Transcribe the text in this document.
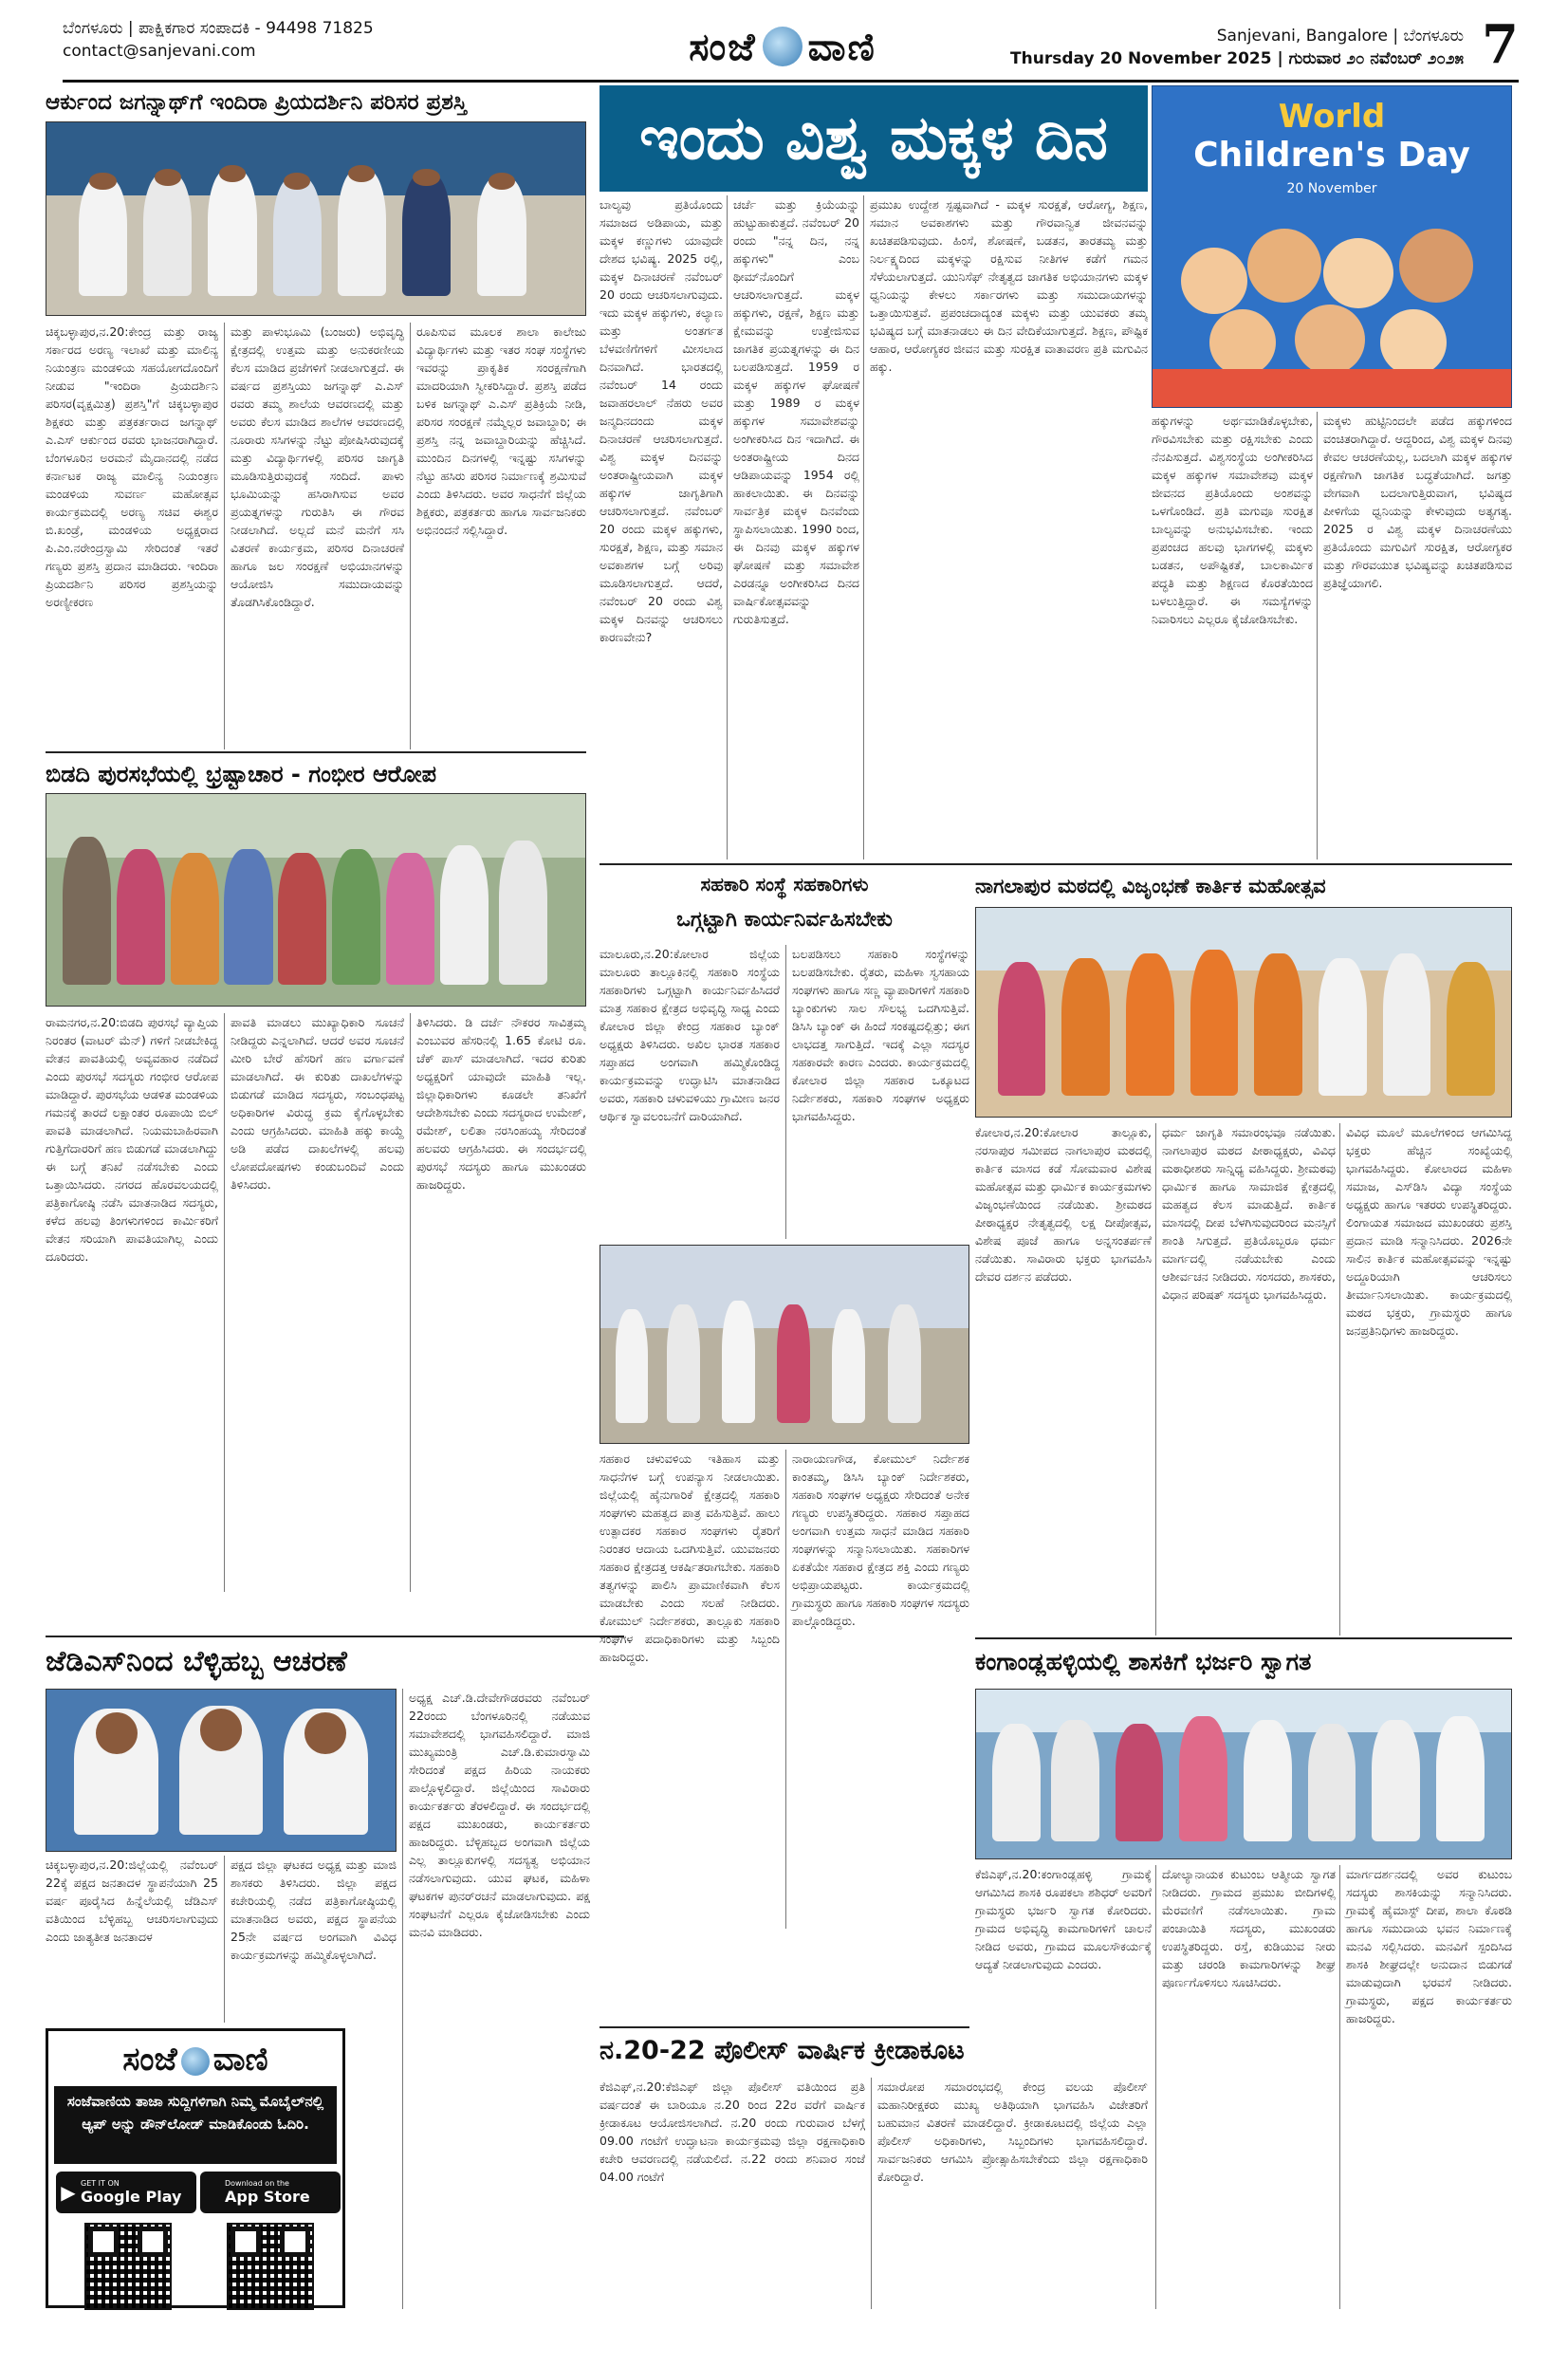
ಬೆಂಗಳೂರು | ಪಾಕ್ಷಿಕಗಾರ ಸಂಪಾದಕಿ - 94498 71825
contact@sanjevani.com	ಸಂಜೆ ವಾಣಿ	Sanjevani, Bangalore | ಬೆಂಗಳೂರು
Thursday 20 November 2025 | ಗುರುವಾರ ೨೦ ನವೆಂಬರ್ ೨೦೨೫ 7
ಆರ್ಕುಂದ ಜಗನ್ನಾಥ್‌ಗೆ ಇಂದಿರಾ ಪ್ರಿಯದರ್ಶಿನಿ ಪರಿಸರ ಪ್ರಶಸ್ತಿ
ಚಿಕ್ಕಬಳ್ಳಾಪುರ,ನ.20:ಕೇಂದ್ರ ಮತ್ತು ರಾಜ್ಯ ಸರ್ಕಾರದ ಅರಣ್ಯ ಇಲಾಖೆ ಮತ್ತು ಮಾಲಿನ್ಯ ನಿಯಂತ್ರಣ ಮಂಡಳಿಯ ಸಹಯೋಗದೊಂದಿಗೆ ನೀಡುವ "ಇಂದಿರಾ ಪ್ರಿಯದರ್ಶಿನಿ ಪರಿಸರ(ವೃಕ್ಷಮಿತ್ರ) ಪ್ರಶಸ್ತಿ"ಗೆ ಚಿಕ್ಕಬಳ್ಳಾಪುರ ಶಿಕ್ಷಕರು ಮತ್ತು ಪತ್ರಕರ್ತರಾದ ಜಗನ್ನಾಥ್ ಎ.ಎಸ್ ಆರ್ಕುಂದ ರವರು ಭಾಜನರಾಗಿದ್ದಾರೆ. ಬೆಂಗಳೂರಿನ ಅರಮನೆ ಮೈದಾನದಲ್ಲಿ ನಡೆದ ಕರ್ನಾಟಕ ರಾಜ್ಯ ಮಾಲಿನ್ಯ ನಿಯಂತ್ರಣ ಮಂಡಳಿಯ ಸುವರ್ಣ ಮಹೋತ್ಸವ ಕಾರ್ಯಕ್ರಮದಲ್ಲಿ ಅರಣ್ಯ ಸಚಿವ ಈಶ್ವರ ಬಿ.ಖಂಡ್ರೆ, ಮಂಡಳಿಯ ಅಧ್ಯಕ್ಷರಾದ ಪಿ.ಎಂ.ನರೇಂದ್ರಸ್ವಾಮಿ ಸೇರಿದಂತೆ ಇತರೆ ಗಣ್ಯರು ಪ್ರಶಸ್ತಿ ಪ್ರದಾನ ಮಾಡಿದರು. ಇಂದಿರಾ ಪ್ರಿಯದರ್ಶಿನಿ ಪರಿಸರ ಪ್ರಶಸ್ತಿಯನ್ನು ಅರಣ್ಯೀಕರಣ
ಮತ್ತು ಪಾಳುಭೂಮಿ (ಬಂಜರು) ಅಭಿವೃದ್ಧಿ ಕ್ಷೇತ್ರದಲ್ಲಿ ಉತ್ತಮ ಮತ್ತು ಅನುಕರಣೀಯ ಕೆಲಸ ಮಾಡಿದ ಪ್ರಜೆಗಳಿಗೆ ನೀಡಲಾಗುತ್ತದೆ. ಈ ವರ್ಷದ ಪ್ರಶಸ್ತಿಯು ಜಗನ್ನಾಥ್ ಎ.ಎಸ್ ರವರು ತಮ್ಮ ಶಾಲೆಯ ಆವರಣದಲ್ಲಿ ಮತ್ತು ಅವರು ಕೆಲಸ ಮಾಡಿದ ಶಾಲೆಗಳ ಆವರಣದಲ್ಲಿ ನೂರಾರು ಸಸಿಗಳನ್ನು ನೆಟ್ಟು ಪೋಷಿಸಿರುವುದಕ್ಕೆ ಮತ್ತು ವಿದ್ಯಾರ್ಥಿಗಳಲ್ಲಿ ಪರಿಸರ ಜಾಗೃತಿ ಮೂಡಿಸುತ್ತಿರುವುದಕ್ಕೆ ಸಂದಿದೆ. ಪಾಳು ಭೂಮಿಯನ್ನು ಹಸಿರಾಗಿಸುವ ಅವರ ಪ್ರಯತ್ನಗಳನ್ನು ಗುರುತಿಸಿ ಈ ಗೌರವ ನೀಡಲಾಗಿದೆ. ಅಲ್ಲದೆ ಮನೆ ಮನೆಗೆ ಸಸಿ ವಿತರಣೆ ಕಾರ್ಯಕ್ರಮ, ಪರಿಸರ ದಿನಾಚರಣೆ ಹಾಗೂ ಜಲ ಸಂರಕ್ಷಣೆ ಅಭಿಯಾನಗಳನ್ನು ಆಯೋಜಿಸಿ ಸಮುದಾಯವನ್ನು ತೊಡಗಿಸಿಕೊಂಡಿದ್ದಾರೆ.
ರೂಪಿಸುವ ಮೂಲಕ ಶಾಲಾ ಕಾಲೇಜು ವಿದ್ಯಾರ್ಥಿಗಳು ಮತ್ತು ಇತರ ಸಂಘ ಸಂಸ್ಥೆಗಳು ಇವರನ್ನು ಪ್ರಾಕೃತಿಕ ಸಂರಕ್ಷಣೆಗಾಗಿ ಮಾದರಿಯಾಗಿ ಸ್ವೀಕರಿಸಿದ್ದಾರೆ. ಪ್ರಶಸ್ತಿ ಪಡೆದ ಬಳಿಕ ಜಗನ್ನಾಥ್ ಎ.ಎಸ್ ಪ್ರತಿಕ್ರಿಯೆ ನೀಡಿ, ಪರಿಸರ ಸಂರಕ್ಷಣೆ ನಮ್ಮೆಲ್ಲರ ಜವಾಬ್ದಾರಿ; ಈ ಪ್ರಶಸ್ತಿ ನನ್ನ ಜವಾಬ್ದಾರಿಯನ್ನು ಹೆಚ್ಚಿಸಿದೆ. ಮುಂದಿನ ದಿನಗಳಲ್ಲಿ ಇನ್ನಷ್ಟು ಸಸಿಗಳನ್ನು ನೆಟ್ಟು ಹಸಿರು ಪರಿಸರ ನಿರ್ಮಾಣಕ್ಕೆ ಶ್ರಮಿಸುವೆ ಎಂದು ತಿಳಿಸಿದರು. ಅವರ ಸಾಧನೆಗೆ ಜಿಲ್ಲೆಯ ಶಿಕ್ಷಕರು, ಪತ್ರಕರ್ತರು ಹಾಗೂ ಸಾರ್ವಜನಿಕರು ಅಭಿನಂದನೆ ಸಲ್ಲಿಸಿದ್ದಾರೆ.
ಬಿಡದಿ ಪುರಸಭೆಯಲ್ಲಿ ಭ್ರಷ್ಟಾಚಾರ - ಗಂಭೀರ ಆರೋಪ
ರಾಮನಗರ,ನ.20:ಬಿಡದಿ ಪುರಸಭೆ ವ್ಯಾಪ್ತಿಯ ನಿರಂತರ (ವಾಟರ್ ಮೆನ್) ಗಳಿಗೆ ನೀಡಬೇಕಿದ್ದ ವೇತನ ಪಾವತಿಯಲ್ಲಿ ಅವ್ಯವಹಾರ ನಡೆದಿದೆ ಎಂದು ಪುರಸಭೆ ಸದಸ್ಯರು ಗಂಭೀರ ಆರೋಪ ಮಾಡಿದ್ದಾರೆ. ಪುರಸಭೆಯ ಆಡಳಿತ ಮಂಡಳಿಯ ಗಮನಕ್ಕೆ ತಾರದೆ ಲಕ್ಷಾಂತರ ರೂಪಾಯಿ ಬಿಲ್ ಪಾವತಿ ಮಾಡಲಾಗಿದೆ. ನಿಯಮಬಾಹಿರವಾಗಿ ಗುತ್ತಿಗೆದಾರರಿಗೆ ಹಣ ಬಿಡುಗಡೆ ಮಾಡಲಾಗಿದ್ದು ಈ ಬಗ್ಗೆ ತನಿಖೆ ನಡೆಸಬೇಕು ಎಂದು ಒತ್ತಾಯಿಸಿದರು. ನಗರದ ಹೊರವಲಯದಲ್ಲಿ ಪತ್ರಿಕಾಗೋಷ್ಠಿ ನಡೆಸಿ ಮಾತನಾಡಿದ ಸದಸ್ಯರು, ಕಳೆದ ಹಲವು ತಿಂಗಳುಗಳಿಂದ ಕಾರ್ಮಿಕರಿಗೆ ವೇತನ ಸರಿಯಾಗಿ ಪಾವತಿಯಾಗಿಲ್ಲ ಎಂದು ದೂರಿದರು.
ಪಾವತಿ ಮಾಡಲು ಮುಖ್ಯಾಧಿಕಾರಿ ಸೂಚನೆ ನೀಡಿದ್ದರು ಎನ್ನಲಾಗಿದೆ. ಆದರೆ ಅವರ ಸೂಚನೆ ಮೀರಿ ಬೇರೆ ಹೆಸರಿಗೆ ಹಣ ವರ್ಗಾವಣೆ ಮಾಡಲಾಗಿದೆ. ಈ ಕುರಿತು ದಾಖಲೆಗಳನ್ನು ಬಿಡುಗಡೆ ಮಾಡಿದ ಸದಸ್ಯರು, ಸಂಬಂಧಪಟ್ಟ ಅಧಿಕಾರಿಗಳ ವಿರುದ್ಧ ಕ್ರಮ ಕೈಗೊಳ್ಳಬೇಕು ಎಂದು ಆಗ್ರಹಿಸಿದರು. ಮಾಹಿತಿ ಹಕ್ಕು ಕಾಯ್ದೆ ಅಡಿ ಪಡೆದ ದಾಖಲೆಗಳಲ್ಲಿ ಹಲವು ಲೋಪದೋಷಗಳು ಕಂಡುಬಂದಿವೆ ಎಂದು ತಿಳಿಸಿದರು.
ತಿಳಿಸಿದರು. ಡಿ ದರ್ಜೆ ನೌಕರರ ಸಾವಿತ್ರಮ್ಮ ಎಂಬುವರ ಹೆಸರಿನಲ್ಲಿ 1.65 ಕೋಟಿ ರೂ. ಚೆಕ್ ಪಾಸ್ ಮಾಡಲಾಗಿದೆ. ಇದರ ಕುರಿತು ಅಧ್ಯಕ್ಷರಿಗೆ ಯಾವುದೇ ಮಾಹಿತಿ ಇಲ್ಲ. ಜಿಲ್ಲಾಧಿಕಾರಿಗಳು ಕೂಡಲೇ ತನಿಖೆಗೆ ಆದೇಶಿಸಬೇಕು ಎಂದು ಸದಸ್ಯರಾದ ಉಮೇಶ್, ರಮೇಶ್, ಲಲಿತಾ ನರಸಿಂಹಯ್ಯ ಸೇರಿದಂತೆ ಹಲವರು ಆಗ್ರಹಿಸಿದರು. ಈ ಸಂದರ್ಭದಲ್ಲಿ ಪುರಸಭೆ ಸದಸ್ಯರು ಹಾಗೂ ಮುಖಂಡರು ಹಾಜರಿದ್ದರು.
ಇಂದು ವಿಶ್ವ ಮಕ್ಕಳ ದಿನ	World
Children's Day
20 November
ಬಾಲ್ಯವು ಪ್ರತಿಯೊಂದು ಸಮಾಜದ ಅಡಿಪಾಯ, ಮತ್ತು ಮಕ್ಕಳ ಕಣ್ಣುಗಳು ಯಾವುದೇ ದೇಶದ ಭವಿಷ್ಯ. 2025 ರಲ್ಲಿ, ಮಕ್ಕಳ ದಿನಾಚರಣೆ ನವೆಂಬರ್ 20 ರಂದು ಆಚರಿಸಲಾಗುವುದು. ಇದು ಮಕ್ಕಳ ಹಕ್ಕುಗಳು, ಕಲ್ಯಾಣ ಮತ್ತು ಅಂತರ್ಗತ ಬೆಳವಣಿಗೆಗಳಿಗೆ ಮೀಸಲಾದ ದಿನವಾಗಿದೆ. ಭಾರತದಲ್ಲಿ ನವೆಂಬರ್ 14 ರಂದು ಜವಾಹರಲಾಲ್ ನೆಹರು ಅವರ ಜನ್ಮದಿನದಂದು ಮಕ್ಕಳ ದಿನಾಚರಣೆ ಆಚರಿಸಲಾಗುತ್ತದೆ. ವಿಶ್ವ ಮಕ್ಕಳ ದಿನವನ್ನು ಅಂತರಾಷ್ಟ್ರೀಯವಾಗಿ ಮಕ್ಕಳ ಹಕ್ಕುಗಳ ಜಾಗೃತಿಗಾಗಿ ಆಚರಿಸಲಾಗುತ್ತದೆ. ನವೆಂಬರ್ 20 ರಂದು ಮಕ್ಕಳ ಹಕ್ಕುಗಳು, ಸುರಕ್ಷತೆ, ಶಿಕ್ಷಣ, ಮತ್ತು ಸಮಾನ ಅವಕಾಶಗಳ ಬಗ್ಗೆ ಅರಿವು ಮೂಡಿಸಲಾಗುತ್ತದೆ. ಆದರೆ, ನವೆಂಬರ್ 20 ರಂದು ವಿಶ್ವ ಮಕ್ಕಳ ದಿನವನ್ನು ಆಚರಿಸಲು ಕಾರಣವೇನು?
ಚರ್ಚೆ ಮತ್ತು ಕ್ರಿಯೆಯನ್ನು ಹುಟ್ಟುಹಾಕುತ್ತದೆ. ನವೆಂಬರ್ 20 ರಂದು "ನನ್ನ ದಿನ, ನನ್ನ ಹಕ್ಕುಗಳು" ಎಂಬ ಥೀಮ್‌ನೊಂದಿಗೆ ಆಚರಿಸಲಾಗುತ್ತದೆ. ಮಕ್ಕಳ ಹಕ್ಕುಗಳು, ರಕ್ಷಣೆ, ಶಿಕ್ಷಣ ಮತ್ತು ಕ್ಷೇಮವನ್ನು ಉತ್ತೇಜಿಸುವ ಜಾಗತಿಕ ಪ್ರಯತ್ನಗಳನ್ನು ಈ ದಿನ ಬಲಪಡಿಸುತ್ತದೆ. 1959 ರ ಮಕ್ಕಳ ಹಕ್ಕುಗಳ ಘೋಷಣೆ ಮತ್ತು 1989 ರ ಮಕ್ಕಳ ಹಕ್ಕುಗಳ ಸಮಾವೇಶವನ್ನು ಅಂಗೀಕರಿಸಿದ ದಿನ ಇದಾಗಿದೆ. ಈ ಅಂತರಾಷ್ಟ್ರೀಯ ದಿನದ ಆಡಿಪಾಯವನ್ನು 1954 ರಲ್ಲಿ ಹಾಕಲಾಯಿತು. ಈ ದಿನವನ್ನು ಸಾರ್ವತ್ರಿಕ ಮಕ್ಕಳ ದಿನವೆಂದು ಸ್ಥಾಪಿಸಲಾಯಿತು. 1990 ರಿಂದ, ಈ ದಿನವು ಮಕ್ಕಳ ಹಕ್ಕುಗಳ ಘೋಷಣೆ ಮತ್ತು ಸಮಾವೇಶ ಎರಡನ್ನೂ ಅಂಗೀಕರಿಸಿದ ದಿನದ ವಾರ್ಷಿಕೋತ್ಸವವನ್ನು ಗುರುತಿಸುತ್ತದೆ.
ಪ್ರಮುಖ ಉದ್ದೇಶ ಸ್ಪಷ್ಟವಾಗಿದೆ - ಮಕ್ಕಳ ಸುರಕ್ಷತೆ, ಆರೋಗ್ಯ, ಶಿಕ್ಷಣ, ಸಮಾನ ಅವಕಾಶಗಳು ಮತ್ತು ಗೌರವಾನ್ವಿತ ಜೀವನವನ್ನು ಖಚಿತಪಡಿಸುವುದು. ಹಿಂಸೆ, ಶೋಷಣೆ, ಬಡತನ, ತಾರತಮ್ಯ ಮತ್ತು ನಿರ್ಲಕ್ಷ್ಯದಿಂದ ಮಕ್ಕಳನ್ನು ರಕ್ಷಿಸುವ ನೀತಿಗಳ ಕಡೆಗೆ ಗಮನ ಸೆಳೆಯಲಾಗುತ್ತದೆ. ಯುನಿಸೆಫ್ ನೇತೃತ್ವದ ಜಾಗತಿಕ ಅಭಿಯಾನಗಳು ಮಕ್ಕಳ ಧ್ವನಿಯನ್ನು ಕೇಳಲು ಸರ್ಕಾರಗಳು ಮತ್ತು ಸಮುದಾಯಗಳನ್ನು ಒತ್ತಾಯಿಸುತ್ತವೆ. ಪ್ರಪಂಚದಾದ್ಯಂತ ಮಕ್ಕಳು ಮತ್ತು ಯುವಕರು ತಮ್ಮ ಭವಿಷ್ಯದ ಬಗ್ಗೆ ಮಾತನಾಡಲು ಈ ದಿನ ವೇದಿಕೆಯಾಗುತ್ತದೆ. ಶಿಕ್ಷಣ, ಪೌಷ್ಟಿಕ ಆಹಾರ, ಆರೋಗ್ಯಕರ ಜೀವನ ಮತ್ತು ಸುರಕ್ಷಿತ ವಾತಾವರಣ ಪ್ರತಿ ಮಗುವಿನ ಹಕ್ಕು.
ಹಕ್ಕುಗಳನ್ನು ಅರ್ಥಮಾಡಿಕೊಳ್ಳಬೇಕು, ಗೌರವಿಸಬೇಕು ಮತ್ತು ರಕ್ಷಿಸಬೇಕು ಎಂದು ನೆನಪಿಸುತ್ತದೆ. ವಿಶ್ವಸಂಸ್ಥೆಯ ಅಂಗೀಕರಿಸಿದ ಮಕ್ಕಳ ಹಕ್ಕುಗಳ ಸಮಾವೇಶವು ಮಕ್ಕಳ ಜೀವನದ ಪ್ರತಿಯೊಂದು ಅಂಶವನ್ನು ಒಳಗೊಂಡಿದೆ. ಪ್ರತಿ ಮಗುವೂ ಸುರಕ್ಷಿತ ಬಾಲ್ಯವನ್ನು ಅನುಭವಿಸಬೇಕು. ಇಂದು ಪ್ರಪಂಚದ ಹಲವು ಭಾಗಗಳಲ್ಲಿ ಮಕ್ಕಳು ಬಡತನ, ಅಪೌಷ್ಟಿಕತೆ, ಬಾಲಕಾರ್ಮಿಕ ಪದ್ಧತಿ ಮತ್ತು ಶಿಕ್ಷಣದ ಕೊರತೆಯಿಂದ ಬಳಲುತ್ತಿದ್ದಾರೆ. ಈ ಸಮಸ್ಯೆಗಳನ್ನು ನಿವಾರಿಸಲು ಎಲ್ಲರೂ ಕೈಜೋಡಿಸಬೇಕು.
ಮಕ್ಕಳು ಹುಟ್ಟಿನಿಂದಲೇ ಪಡೆದ ಹಕ್ಕುಗಳಿಂದ ವಂಚಿತರಾಗಿದ್ದಾರೆ. ಆದ್ದರಿಂದ, ವಿಶ್ವ ಮಕ್ಕಳ ದಿನವು ಕೇವಲ ಆಚರಣೆಯಲ್ಲ, ಬದಲಾಗಿ ಮಕ್ಕಳ ಹಕ್ಕುಗಳ ರಕ್ಷಣೆಗಾಗಿ ಜಾಗತಿಕ ಬದ್ಧತೆಯಾಗಿದೆ. ಜಗತ್ತು ವೇಗವಾಗಿ ಬದಲಾಗುತ್ತಿರುವಾಗ, ಭವಿಷ್ಯದ ಪೀಳಿಗೆಯ ಧ್ವನಿಯನ್ನು ಕೇಳುವುದು ಅತ್ಯಗತ್ಯ. 2025 ರ ವಿಶ್ವ ಮಕ್ಕಳ ದಿನಾಚರಣೆಯು ಪ್ರತಿಯೊಂದು ಮಗುವಿಗೆ ಸುರಕ್ಷಿತ, ಆರೋಗ್ಯಕರ ಮತ್ತು ಗೌರವಯುತ ಭವಿಷ್ಯವನ್ನು ಖಚಿತಪಡಿಸುವ ಪ್ರತಿಜ್ಞೆಯಾಗಲಿ.
ಸಹಕಾರಿ ಸಂಸ್ಥೆ ಸಹಕಾರಿಗಳು
ಒಗ್ಗಟ್ಟಾಗಿ ಕಾರ್ಯನಿರ್ವಹಿಸಬೇಕು
ಮಾಲೂರು,ನ.20:ಕೋಲಾರ ಜಿಲ್ಲೆಯ ಮಾಲೂರು ತಾಲ್ಲೂಕಿನಲ್ಲಿ ಸಹಕಾರಿ ಸಂಸ್ಥೆಯ ಸಹಕಾರಿಗಳು ಒಗ್ಗಟ್ಟಾಗಿ ಕಾರ್ಯನಿರ್ವಹಿಸಿದರೆ ಮಾತ್ರ ಸಹಕಾರ ಕ್ಷೇತ್ರದ ಅಭಿವೃದ್ಧಿ ಸಾಧ್ಯ ಎಂದು ಕೋಲಾರ ಜಿಲ್ಲಾ ಕೇಂದ್ರ ಸಹಕಾರ ಬ್ಯಾಂಕ್ ಅಧ್ಯಕ್ಷರು ತಿಳಿಸಿದರು. ಅಖಿಲ ಭಾರತ ಸಹಕಾರ ಸಪ್ತಾಹದ ಅಂಗವಾಗಿ ಹಮ್ಮಿಕೊಂಡಿದ್ದ ಕಾರ್ಯಕ್ರಮವನ್ನು ಉದ್ಘಾಟಿಸಿ ಮಾತನಾಡಿದ ಅವರು, ಸಹಕಾರಿ ಚಳುವಳಿಯು ಗ್ರಾಮೀಣ ಜನರ ಆರ್ಥಿಕ ಸ್ವಾವಲಂಬನೆಗೆ ದಾರಿಯಾಗಿದೆ.
ಬಲಪಡಿಸಲು ಸಹಕಾರಿ ಸಂಸ್ಥೆಗಳನ್ನು ಬಲಪಡಿಸಬೇಕು. ರೈತರು, ಮಹಿಳಾ ಸ್ವಸಹಾಯ ಸಂಘಗಳು ಹಾಗೂ ಸಣ್ಣ ವ್ಯಾಪಾರಿಗಳಿಗೆ ಸಹಕಾರಿ ಬ್ಯಾಂಕುಗಳು ಸಾಲ ಸೌಲಭ್ಯ ಒದಗಿಸುತ್ತಿವೆ. ಡಿಸಿಸಿ ಬ್ಯಾಂಕ್ ಈ ಹಿಂದೆ ಸಂಕಷ್ಟದಲ್ಲಿತ್ತು; ಈಗ ಲಾಭದತ್ತ ಸಾಗುತ್ತಿದೆ. ಇದಕ್ಕೆ ಎಲ್ಲಾ ಸದಸ್ಯರ ಸಹಕಾರವೇ ಕಾರಣ ಎಂದರು. ಕಾರ್ಯಕ್ರಮದಲ್ಲಿ ಕೋಲಾರ ಜಿಲ್ಲಾ ಸಹಕಾರ ಒಕ್ಕೂಟದ ನಿರ್ದೇಶಕರು, ಸಹಕಾರಿ ಸಂಘಗಳ ಅಧ್ಯಕ್ಷರು ಭಾಗವಹಿಸಿದ್ದರು.
ಸಹಕಾರ ಚಳುವಳಿಯ ಇತಿಹಾಸ ಮತ್ತು ಸಾಧನೆಗಳ ಬಗ್ಗೆ ಉಪನ್ಯಾಸ ನೀಡಲಾಯಿತು. ಜಿಲ್ಲೆಯಲ್ಲಿ ಹೈನುಗಾರಿಕೆ ಕ್ಷೇತ್ರದಲ್ಲಿ ಸಹಕಾರಿ ಸಂಘಗಳು ಮಹತ್ವದ ಪಾತ್ರ ವಹಿಸುತ್ತಿವೆ. ಹಾಲು ಉತ್ಪಾದಕರ ಸಹಕಾರ ಸಂಘಗಳು ರೈತರಿಗೆ ನಿರಂತರ ಆದಾಯ ಒದಗಿಸುತ್ತಿವೆ. ಯುವಜನರು ಸಹಕಾರ ಕ್ಷೇತ್ರದತ್ತ ಆಕರ್ಷಿತರಾಗಬೇಕು. ಸಹಕಾರಿ ತತ್ವಗಳನ್ನು ಪಾಲಿಸಿ ಪ್ರಾಮಾಣಿಕವಾಗಿ ಕೆಲಸ ಮಾಡಬೇಕು ಎಂದು ಸಲಹೆ ನೀಡಿದರು. ಕೋಮುಲ್ ನಿರ್ದೇಶಕರು, ತಾಲ್ಲೂಕು ಸಹಕಾರಿ ಸಂಘಗಳ ಪದಾಧಿಕಾರಿಗಳು ಮತ್ತು ಸಿಬ್ಬಂದಿ ಹಾಜರಿದ್ದರು.
ನಾರಾಯಣಗೌಡ, ಕೋಮುಲ್ ನಿರ್ದೇಶಕ ಕಾಂತಮ್ಮ, ಡಿಸಿಸಿ ಬ್ಯಾಂಕ್ ನಿರ್ದೇಶಕರು, ಸಹಕಾರಿ ಸಂಘಗಳ ಅಧ್ಯಕ್ಷರು ಸೇರಿದಂತೆ ಅನೇಕ ಗಣ್ಯರು ಉಪಸ್ಥಿತರಿದ್ದರು. ಸಹಕಾರ ಸಪ್ತಾಹದ ಅಂಗವಾಗಿ ಉತ್ತಮ ಸಾಧನೆ ಮಾಡಿದ ಸಹಕಾರಿ ಸಂಘಗಳನ್ನು ಸನ್ಮಾನಿಸಲಾಯಿತು. ಸಹಕಾರಿಗಳ ಏಕತೆಯೇ ಸಹಕಾರ ಕ್ಷೇತ್ರದ ಶಕ್ತಿ ಎಂದು ಗಣ್ಯರು ಅಭಿಪ್ರಾಯಪಟ್ಟರು. ಕಾರ್ಯಕ್ರಮದಲ್ಲಿ ಗ್ರಾಮಸ್ಥರು ಹಾಗೂ ಸಹಕಾರಿ ಸಂಘಗಳ ಸದಸ್ಯರು ಪಾಲ್ಗೊಂಡಿದ್ದರು.
ನಾಗಲಾಪುರ ಮಠದಲ್ಲಿ ವಿಜೃಂಭಣೆ ಕಾರ್ತಿಕ ಮಹೋತ್ಸವ
ಕೋಲಾರ,ನ.20:ಕೋಲಾರ ತಾಲ್ಲೂಕು, ನರಸಾಪುರ ಸಮೀಪದ ನಾಗಲಾಪುರ ಮಠದಲ್ಲಿ ಕಾರ್ತಿಕ ಮಾಸದ ಕಡೆ ಸೋಮವಾರ ವಿಶೇಷ ಮಹೋತ್ಸವ ಮತ್ತು ಧಾರ್ಮಿಕ ಕಾರ್ಯಕ್ರಮಗಳು ವಿಜೃಂಭಣೆಯಿಂದ ನಡೆಯಿತು. ಶ್ರೀಮಠದ ಪೀಠಾಧ್ಯಕ್ಷರ ನೇತೃತ್ವದಲ್ಲಿ ಲಕ್ಷ ದೀಪೋತ್ಸವ, ವಿಶೇಷ ಪೂಜೆ ಹಾಗೂ ಅನ್ನಸಂತರ್ಪಣೆ ನಡೆಯಿತು. ಸಾವಿರಾರು ಭಕ್ತರು ಭಾಗವಹಿಸಿ ದೇವರ ದರ್ಶನ ಪಡೆದರು.
ಧರ್ಮ ಜಾಗೃತಿ ಸಮಾರಂಭವೂ ನಡೆಯಿತು. ನಾಗಲಾಪುರ ಮಠದ ಪೀಠಾಧ್ಯಕ್ಷರು, ವಿವಿಧ ಮಠಾಧೀಶರು ಸಾನ್ನಿಧ್ಯ ವಹಿಸಿದ್ದರು. ಶ್ರೀಮಠವು ಧಾರ್ಮಿಕ ಹಾಗೂ ಸಾಮಾಜಿಕ ಕ್ಷೇತ್ರದಲ್ಲಿ ಮಹತ್ವದ ಕೆಲಸ ಮಾಡುತ್ತಿದೆ. ಕಾರ್ತಿಕ ಮಾಸದಲ್ಲಿ ದೀಪ ಬೆಳಗಿಸುವುದರಿಂದ ಮನಸ್ಸಿಗೆ ಶಾಂತಿ ಸಿಗುತ್ತದೆ. ಪ್ರತಿಯೊಬ್ಬರೂ ಧರ್ಮ ಮಾರ್ಗದಲ್ಲಿ ನಡೆಯಬೇಕು ಎಂದು ಆಶೀರ್ವಚನ ನೀಡಿದರು. ಸಂಸದರು, ಶಾಸಕರು, ವಿಧಾನ ಪರಿಷತ್ ಸದಸ್ಯರು ಭಾಗವಹಿಸಿದ್ದರು.
ವಿವಿಧ ಮೂಲೆ ಮೂಲೆಗಳಿಂದ ಆಗಮಿಸಿದ್ದ ಭಕ್ತರು ಹೆಚ್ಚಿನ ಸಂಖ್ಯೆಯಲ್ಲಿ ಭಾಗವಹಿಸಿದ್ದರು. ಕೋಲಾರದ ಮಹಿಳಾ ಸಮಾಜ, ಎಸ್‌ಡಿಸಿ ವಿದ್ಯಾ ಸಂಸ್ಥೆಯ ಅಧ್ಯಕ್ಷರು ಹಾಗೂ ಇತರರು ಉಪಸ್ಥಿತರಿದ್ದರು. ಲಿಂಗಾಯತ ಸಮಾಜದ ಮುಖಂಡರು ಪ್ರಶಸ್ತಿ ಪ್ರದಾನ ಮಾಡಿ ಸನ್ಮಾನಿಸಿದರು. 2026ನೇ ಸಾಲಿನ ಕಾರ್ತಿಕ ಮಹೋತ್ಸವವನ್ನು ಇನ್ನಷ್ಟು ಅದ್ದೂರಿಯಾಗಿ ಆಚರಿಸಲು ತೀರ್ಮಾನಿಸಲಾಯಿತು. ಕಾರ್ಯಕ್ರಮದಲ್ಲಿ ಮಠದ ಭಕ್ತರು, ಗ್ರಾಮಸ್ಥರು ಹಾಗೂ ಜನಪ್ರತಿನಿಧಿಗಳು ಹಾಜರಿದ್ದರು.
ಜೆಡಿಎಸ್‌ನಿಂದ ಬೆಳ್ಳಿಹಬ್ಬ ಆಚರಣೆ
ಚಿಕ್ಕಬಳ್ಳಾಪುರ,ನ.20:ಜಿಲ್ಲೆಯಲ್ಲಿ ನವೆಂಬರ್ 22ಕ್ಕೆ ಪಕ್ಷದ ಜನತಾದಳ ಸ್ಥಾಪನೆಯಾಗಿ 25 ವರ್ಷ ಪೂರೈಸಿದ ಹಿನ್ನೆಲೆಯಲ್ಲಿ ಜೆಡಿಎಸ್ ವತಿಯಿಂದ ಬೆಳ್ಳಿಹಬ್ಬ ಆಚರಿಸಲಾಗುವುದು ಎಂದು ಜಾತ್ಯತೀತ ಜನತಾದಳ
ಪಕ್ಷದ ಜಿಲ್ಲಾ ಘಟಕದ ಅಧ್ಯಕ್ಷ ಮತ್ತು ಮಾಜಿ ಶಾಸಕರು ತಿಳಿಸಿದರು. ಜಿಲ್ಲಾ ಪಕ್ಷದ ಕಚೇರಿಯಲ್ಲಿ ನಡೆದ ಪತ್ರಿಕಾಗೋಷ್ಠಿಯಲ್ಲಿ ಮಾತನಾಡಿದ ಅವರು, ಪಕ್ಷದ ಸ್ಥಾಪನೆಯ 25ನೇ ವರ್ಷದ ಅಂಗವಾಗಿ ವಿವಿಧ ಕಾರ್ಯಕ್ರಮಗಳನ್ನು ಹಮ್ಮಿಕೊಳ್ಳಲಾಗಿದೆ.
ಅಧ್ಯಕ್ಷ ಎಚ್.ಡಿ.ದೇವೇಗೌಡರವರು ನವೆಂಬರ್ 22ರಂದು ಬೆಂಗಳೂರಿನಲ್ಲಿ ನಡೆಯುವ ಸಮಾವೇಶದಲ್ಲಿ ಭಾಗವಹಿಸಲಿದ್ದಾರೆ. ಮಾಜಿ ಮುಖ್ಯಮಂತ್ರಿ ಎಚ್.ಡಿ.ಕುಮಾರಸ್ವಾಮಿ ಸೇರಿದಂತೆ ಪಕ್ಷದ ಹಿರಿಯ ನಾಯಕರು ಪಾಲ್ಗೊಳ್ಳಲಿದ್ದಾರೆ. ಜಿಲ್ಲೆಯಿಂದ ಸಾವಿರಾರು ಕಾರ್ಯಕರ್ತರು ತೆರಳಲಿದ್ದಾರೆ. ಈ ಸಂದರ್ಭದಲ್ಲಿ ಪಕ್ಷದ ಮುಖಂಡರು, ಕಾರ್ಯಕರ್ತರು ಹಾಜರಿದ್ದರು. ಬೆಳ್ಳಿಹಬ್ಬದ ಅಂಗವಾಗಿ ಜಿಲ್ಲೆಯ ಎಲ್ಲ ತಾಲ್ಲೂಕುಗಳಲ್ಲಿ ಸದಸ್ಯತ್ವ ಅಭಿಯಾನ ನಡೆಸಲಾಗುವುದು. ಯುವ ಘಟಕ, ಮಹಿಳಾ ಘಟಕಗಳ ಪುನರ್‌ರಚನೆ ಮಾಡಲಾಗುವುದು. ಪಕ್ಷ ಸಂಘಟನೆಗೆ ಎಲ್ಲರೂ ಕೈಜೋಡಿಸಬೇಕು ಎಂದು ಮನವಿ ಮಾಡಿದರು.
ಸಂಜೆ ವಾಣಿ
ಸಂಜೆವಾಣಿಯ ತಾಜಾ ಸುದ್ದಿಗಳಿಗಾಗಿ ನಿಮ್ಮ ಮೊಬೈಲ್‌ನಲ್ಲಿ ಆ್ಯಪ್ ಅನ್ನು ಡೌನ್‌ಲೋಡ್ ಮಾಡಿಕೊಂಡು ಓದಿರಿ.
▶ GET IT ON
Google Play
Download on the
App Store
ನ.20-22 ಪೊಲೀಸ್ ವಾರ್ಷಿಕ ಕ್ರೀಡಾಕೂಟ
ಕೆಜಿಎಫ್,ನ.20:ಕೆಜಿಎಫ್ ಜಿಲ್ಲಾ ಪೊಲೀಸ್ ವತಿಯಿಂದ ಪ್ರತಿ ವರ್ಷದಂತೆ ಈ ಬಾರಿಯೂ ನ.20 ರಿಂದ 22ರ ವರೆಗೆ ವಾರ್ಷಿಕ ಕ್ರೀಡಾಕೂಟ ಆಯೋಜಿಸಲಾಗಿದೆ. ನ.20 ರಂದು ಗುರುವಾರ ಬೆಳಗ್ಗೆ 09.00 ಗಂಟೆಗೆ ಉದ್ಘಾಟನಾ ಕಾರ್ಯಕ್ರಮವು ಜಿಲ್ಲಾ ರಕ್ಷಣಾಧಿಕಾರಿ ಕಚೇರಿ ಆವರಣದಲ್ಲಿ ನಡೆಯಲಿದೆ. ನ.22 ರಂದು ಶನಿವಾರ ಸಂಜೆ 04.00 ಗಂಟೆಗೆ
ಸಮಾರೋಪ ಸಮಾರಂಭದಲ್ಲಿ ಕೇಂದ್ರ ವಲಯ ಪೊಲೀಸ್ ಮಹಾನಿರೀಕ್ಷಕರು ಮುಖ್ಯ ಅತಿಥಿಯಾಗಿ ಭಾಗವಹಿಸಿ ವಿಜೇತರಿಗೆ ಬಹುಮಾನ ವಿತರಣೆ ಮಾಡಲಿದ್ದಾರೆ. ಕ್ರೀಡಾಕೂಟದಲ್ಲಿ ಜಿಲ್ಲೆಯ ಎಲ್ಲಾ ಪೊಲೀಸ್ ಅಧಿಕಾರಿಗಳು, ಸಿಬ್ಬಂದಿಗಳು ಭಾಗವಹಿಸಲಿದ್ದಾರೆ. ಸಾರ್ವಜನಿಕರು ಆಗಮಿಸಿ ಪ್ರೋತ್ಸಾಹಿಸಬೇಕೆಂದು ಜಿಲ್ಲಾ ರಕ್ಷಣಾಧಿಕಾರಿ ಕೋರಿದ್ದಾರೆ.
ಕಂಗಾಂಡ್ಲಹಳ್ಳಿಯಲ್ಲಿ ಶಾಸಕಿಗೆ ಭರ್ಜರಿ ಸ್ವಾಗತ
ಕೆಜಿಎಫ್,ನ.20:ಕಂಗಾಂಡ್ಲಹಳ್ಳಿ ಗ್ರಾಮಕ್ಕೆ ಆಗಮಿಸಿದ ಶಾಸಕಿ ರೂಪಕಲಾ ಶಶಿಧರ್ ಅವರಿಗೆ ಗ್ರಾಮಸ್ಥರು ಭರ್ಜರಿ ಸ್ವಾಗತ ಕೋರಿದರು. ಗ್ರಾಮದ ಅಭಿವೃದ್ಧಿ ಕಾಮಗಾರಿಗಳಿಗೆ ಚಾಲನೆ ನೀಡಿದ ಅವರು, ಗ್ರಾಮದ ಮೂಲಸೌಕರ್ಯಕ್ಕೆ ಆದ್ಯತೆ ನೀಡಲಾಗುವುದು ಎಂದರು.
ದೋಲ್ಯಾನಾಯಕ ಕುಟುಂಬ ಆತ್ಮೀಯ ಸ್ವಾಗತ ನೀಡಿದರು. ಗ್ರಾಮದ ಪ್ರಮುಖ ಬೀದಿಗಳಲ್ಲಿ ಮೆರವಣಿಗೆ ನಡೆಸಲಾಯಿತು. ಗ್ರಾಮ ಪಂಚಾಯಿತಿ ಸದಸ್ಯರು, ಮುಖಂಡರು ಉಪಸ್ಥಿತರಿದ್ದರು. ರಸ್ತೆ, ಕುಡಿಯುವ ನೀರು ಮತ್ತು ಚರಂಡಿ ಕಾಮಗಾರಿಗಳನ್ನು ಶೀಘ್ರ ಪೂರ್ಣಗೊಳಿಸಲು ಸೂಚಿಸಿದರು.
ಮಾರ್ಗದರ್ಶನದಲ್ಲಿ ಅವರ ಕುಟುಂಬ ಸದಸ್ಯರು ಶಾಸಕಿಯನ್ನು ಸನ್ಮಾನಿಸಿದರು. ಗ್ರಾಮಕ್ಕೆ ಹೈಮಾಸ್ಟ್ ದೀಪ, ಶಾಲಾ ಕೊಠಡಿ ಹಾಗೂ ಸಮುದಾಯ ಭವನ ನಿರ್ಮಾಣಕ್ಕೆ ಮನವಿ ಸಲ್ಲಿಸಿದರು. ಮನವಿಗೆ ಸ್ಪಂದಿಸಿದ ಶಾಸಕಿ ಶೀಘ್ರದಲ್ಲೇ ಅನುದಾನ ಬಿಡುಗಡೆ ಮಾಡುವುದಾಗಿ ಭರವಸೆ ನೀಡಿದರು. ಗ್ರಾಮಸ್ಥರು, ಪಕ್ಷದ ಕಾರ್ಯಕರ್ತರು ಹಾಜರಿದ್ದರು.
